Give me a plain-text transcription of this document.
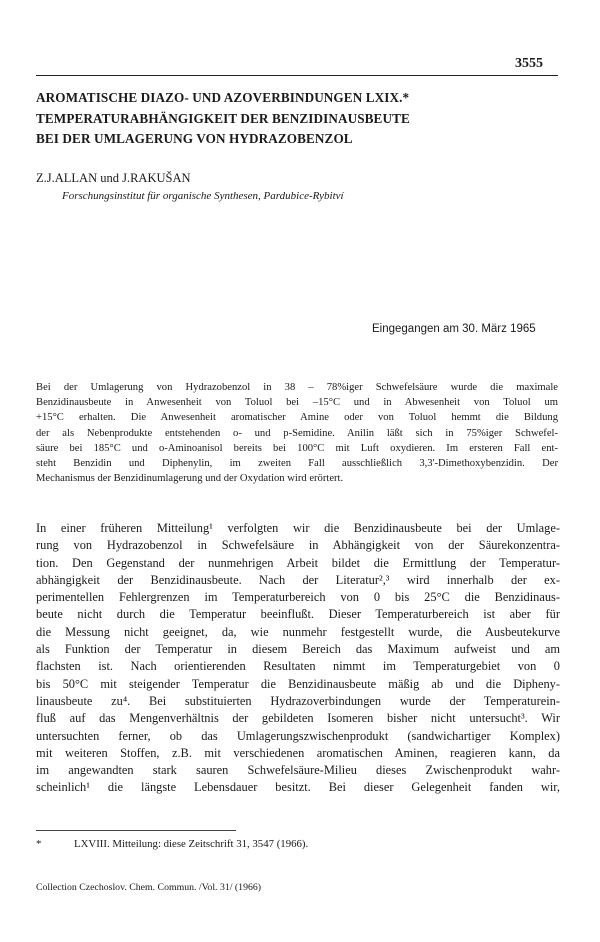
3555
AROMATISCHE DIAZO- UND AZOVERBINDUNGEN LXIX.*
TEMPERATURABHÄNGIGKEIT DER BENZIDINAUSBEUTE
BEI DER UMLAGERUNG VON HYDRAZOBENZOL
Z.J.ALLAN und J.RAKUŠAN
Forschungsinstitut für organische Synthesen, Pardubice-Rybitví
Eingegangen am 30. März 1965
Bei der Umlagerung von Hydrazobenzol in 38 – 78%iger Schwefelsäure wurde die maximale
Benzidinausbeute in Anwesenheit von Toluol bei –15°C und in Abwesenheit von Toluol um
+15°C erhalten. Die Anwesenheit aromatischer Amine oder von Toluol hemmt die Bildung
der als Nebenprodukte entstehenden o- und p-Semidine. Anilin läßt sich in 75%iger Schwefel-
säure bei 185°C und o-Aminoanisol bereits bei 100°C mit Luft oxydieren. Im ersteren Fall ent-
steht Benzidin und Diphenylin, im zweiten Fall ausschließlich 3,3'-Dimethoxybenzidin. Der
Mechanismus der Benzidinumlagerung und der Oxydation wird erörtert.
In einer früheren Mitteilung¹ verfolgten wir die Benzidinausbeute bei der Umlage-
rung von Hydrazobenzol in Schwefelsäure in Abhängigkeit von der Säurekonzentra-
tion. Den Gegenstand der nunmehrigen Arbeit bildet die Ermittlung der Temperatur-
abhängigkeit der Benzidinausbeute. Nach der Literatur²,³ wird innerhalb der ex-
perimentellen Fehlergrenzen im Temperaturbereich von 0 bis 25°C die Benzidinaus-
beute nicht durch die Temperatur beeinflußt. Dieser Temperaturbereich ist aber für
die Messung nicht geeignet, da, wie nunmehr festgestellt wurde, die Ausbeutekurve
als Funktion der Temperatur in diesem Bereich das Maximum aufweist und am
flachsten ist. Nach orientierenden Resultaten nimmt im Temperaturgebiet von 0
bis 50°C mit steigender Temperatur die Benzidinausbeute mäßig ab und die Dipheny-
linausbeute zu⁴. Bei substituierten Hydrazoverbindungen wurde der Temperaturein-
fluß auf das Mengenverhältnis der gebildeten Isomeren bisher nicht untersucht³. Wir
untersuchten ferner, ob das Umlagerungszwischenprodukt (sandwichartiger Komplex)
mit weiteren Stoffen, z.B. mit verschiedenen aromatischen Aminen, reagieren kann, da
im angewandten stark sauren Schwefelsäure-Milieu dieses Zwischenprodukt wahr-
scheinlich¹ die längste Lebensdauer besitzt. Bei dieser Gelegenheit fanden wir,
*	LXVIII. Mitteilung: diese Zeitschrift 31, 3547 (1966).
Collection Czechoslov. Chem. Commun. /Vol. 31/ (1966)
